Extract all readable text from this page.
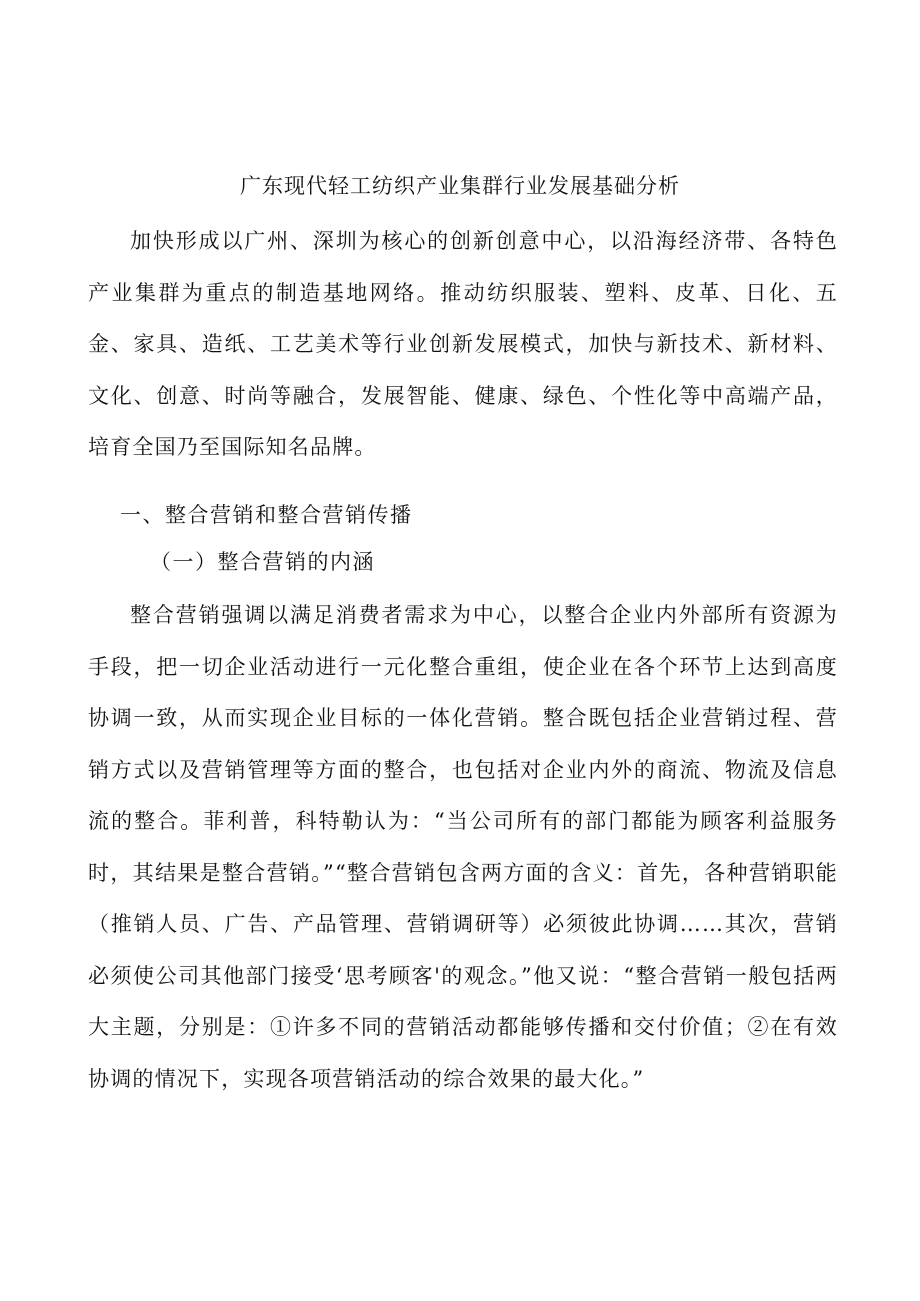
广东现代轻工纺织产业集群行业发展基础分析

加快形成以广州、深圳为核心的创新创意中心，以沿海经济带、各特色产业集群为重点的制造基地网络。推动纺织服装、塑料、皮革、日化、五金、家具、造纸、工艺美术等行业创新发展模式，加快与新技术、新材料、文化、创意、时尚等融合，发展智能、健康、绿色、个性化等中高端产品，培育全国乃至国际知名品牌。

一、整合营销和整合营销传播
（一）整合营销的内涵

整合营销强调以满足消费者需求为中心，以整合企业内外部所有资源为手段，把一切企业活动进行一元化整合重组，使企业在各个环节上达到高度协调一致，从而实现企业目标的一体化营销。整合既包括企业营销过程、营销方式以及营销管理等方面的整合，也包括对企业内外的商流、物流及信息流的整合。菲利普，科特勒认为：“当公司所有的部门都能为顾客利益服务时，其结果是整合营销。”“整合营销包含两方面的含义：首先，各种营销职能（推销人员、广告、产品管理、营销调研等）必须彼此协调……其次，营销必须使公司其他部门接受‘思考顾客'的观念。”他又说：“整合营销一般包括两大主题，分别是：①许多不同的营销活动都能够传播和交付价值；②在有效协调的情况下，实现各项营销活动的综合效果的最大化。”
